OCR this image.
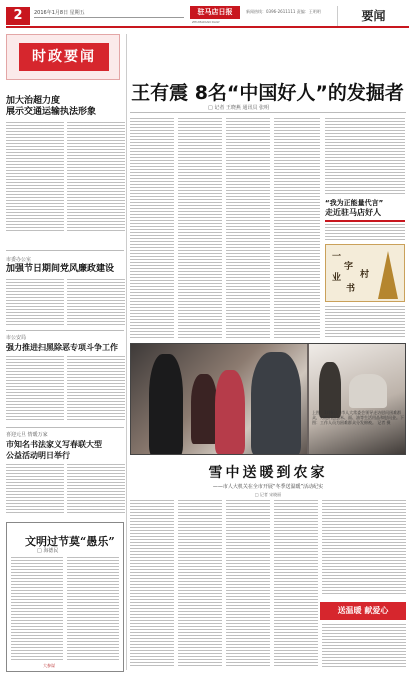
2	2016年1月8日 星期五	驻马店日报
ZHUMADIAN DAILY
新闻热线：0396-2611111 责编：王明明	要闻
时政要闻
加大治超力度
展示交通运输执法形象
市委办公室
加强节日期间党风廉政建设
市公安局
强力推进扫黑除恶专项斗争工作
喜迎元旦 情暖万家
市知名书法家义写春联大型
公益活动明日举行
文明过节莫“愚乐”
□ 海德民
大参谋
王有震 8名“中国好人”的发掘者
□ 记者 王晓燕 通讯员 张明
“我为正能量代言”
走近驻马店好人
一
字
业
书
村
上图：1月6日，市人大常委会领导走访慰问困难群众，为他们送去米、面、油等生活用品和慰问金。下图：工作人员为困难群众分发棉被。 记者 摄
雪中送暖到农家
——市人大机关在全市开展“冬季送温暖”活动纪实
□ 记者 宋晓丽
送温暖 献爱心
